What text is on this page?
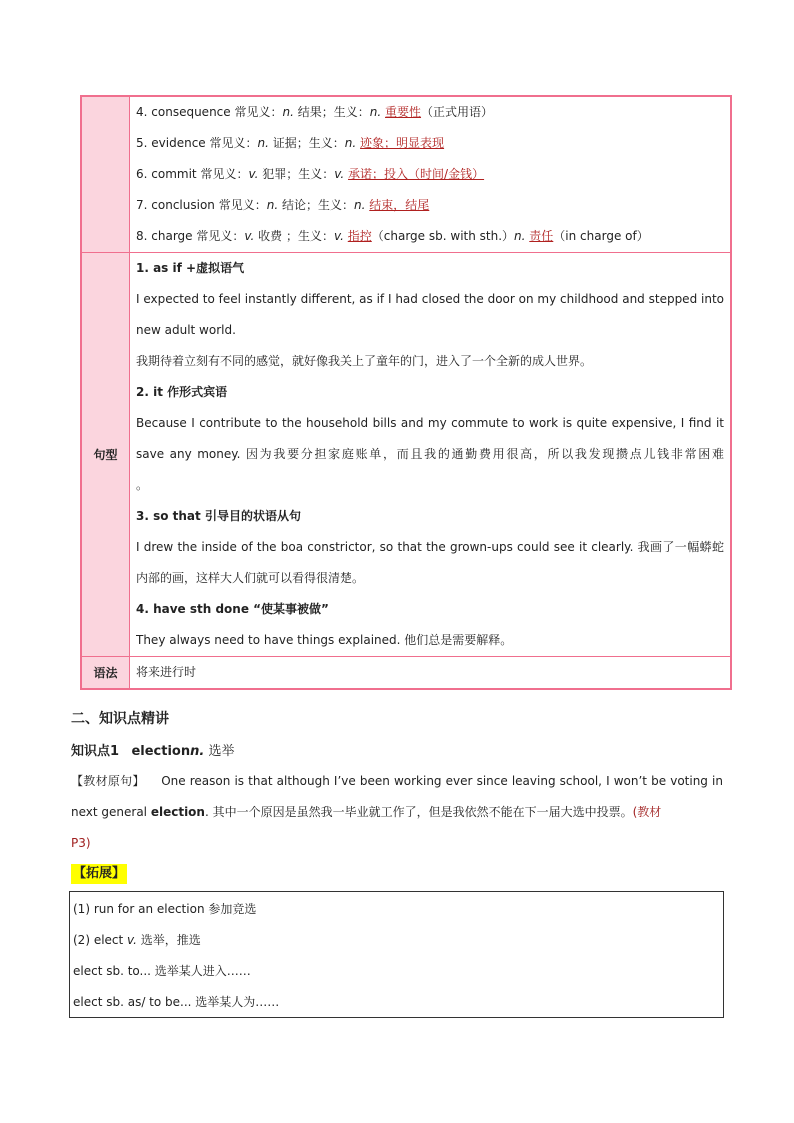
4. consequence 常见义：n. 结果；生义：n. 重要性（正式用语）
5. evidence 常见义：n. 证据；生义：n. 迹象；明显表现
6. commit 常见义：v. 犯罪；生义：v. 承诺；投入（时间/金钱）
7. conclusion 常见义：n. 结论；生义：n. 结束，结尾
8. charge 常见义：v. 收费 ；生义：v. 指控（charge sb. with sth.）n. 责任（in charge of）
句型
1. as if +虚拟语气
I expected to feel instantly different, as if I had closed the door on my childhood and stepped into
new adult world.
我期待着立刻有不同的感觉，就好像我关上了童年的门，进入了一个全新的成人世界。
2. it 作形式宾语
Because I contribute to the household bills and my commute to work is quite expensive, I find it
save any money. 因为我要分担家庭账单，而且我的通勤费用很高，所以我发现攒点儿钱非常困难
。
3. so that 引导目的状语从句
I drew the inside of the boa constrictor, so that the grown-ups could see it clearly. 我画了一幅蟒蛇
内部的画，这样大人们就可以看得很清楚。
4. have sth done “使某事被做”
They always need to have things explained. 他们总是需要解释。
语法	将来进行时
二、知识点精讲
知识点1 electionn. 选举
【教材原句】 One reason is that although I’ve been working ever since leaving school, I won’t be voting in
next general election. 其中一个原因是虽然我一毕业就工作了，但是我依然不能在下一届大选中投票。(教材
P3)
【拓展】
(1) run for an election 参加竞选
(2) elect v. 选举，推选
elect sb. to... 选举某人进入……
elect sb. as/ to be... 选举某人为……
